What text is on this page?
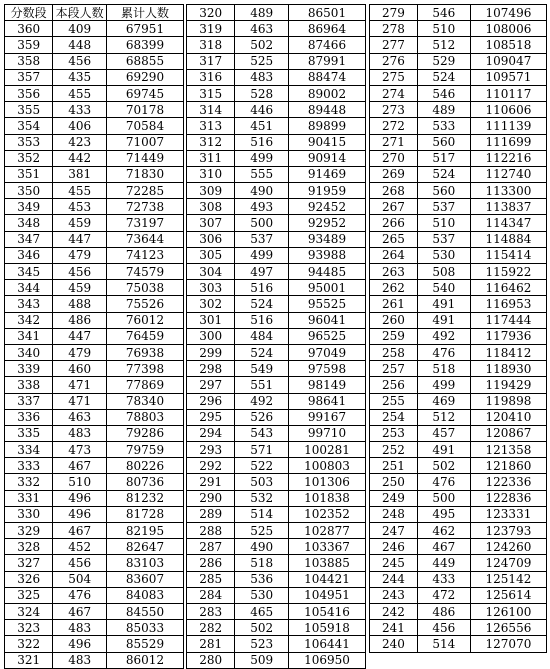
分数段	本段人数	累计人数
360	409	67951
359	448	68399
358	456	68855
357	435	69290
356	455	69745
355	433	70178
354	406	70584
353	423	71007
352	442	71449
351	381	71830
350	455	72285
349	453	72738
348	459	73197
347	447	73644
346	479	74123
345	456	74579
344	459	75038
343	488	75526
342	486	76012
341	447	76459
340	479	76938
339	460	77398
338	471	77869
337	471	78340
336	463	78803
335	483	79286
334	473	79759
333	467	80226
332	510	80736
331	496	81232
330	496	81728
329	467	82195
328	452	82647
327	456	83103
326	504	83607
325	476	84083
324	467	84550
323	483	85033
322	496	85529
321	483	86012
320	489	86501
319	463	86964
318	502	87466
317	525	87991
316	483	88474
315	528	89002
314	446	89448
313	451	89899
312	516	90415
311	499	90914
310	555	91469
309	490	91959
308	493	92452
307	500	92952
306	537	93489
305	499	93988
304	497	94485
303	516	95001
302	524	95525
301	516	96041
300	484	96525
299	524	97049
298	549	97598
297	551	98149
296	492	98641
295	526	99167
294	543	99710
293	571	100281
292	522	100803
291	503	101306
290	532	101838
289	514	102352
288	525	102877
287	490	103367
286	518	103885
285	536	104421
284	530	104951
283	465	105416
282	502	105918
281	523	106441
280	509	106950
279	546	107496
278	510	108006
277	512	108518
276	529	109047
275	524	109571
274	546	110117
273	489	110606
272	533	111139
271	560	111699
270	517	112216
269	524	112740
268	560	113300
267	537	113837
266	510	114347
265	537	114884
264	530	115414
263	508	115922
262	540	116462
261	491	116953
260	491	117444
259	492	117936
258	476	118412
257	518	118930
256	499	119429
255	469	119898
254	512	120410
253	457	120867
252	491	121358
251	502	121860
250	476	122336
249	500	122836
248	495	123331
247	462	123793
246	467	124260
245	449	124709
244	433	125142
243	472	125614
242	486	126100
241	456	126556
240	514	127070
